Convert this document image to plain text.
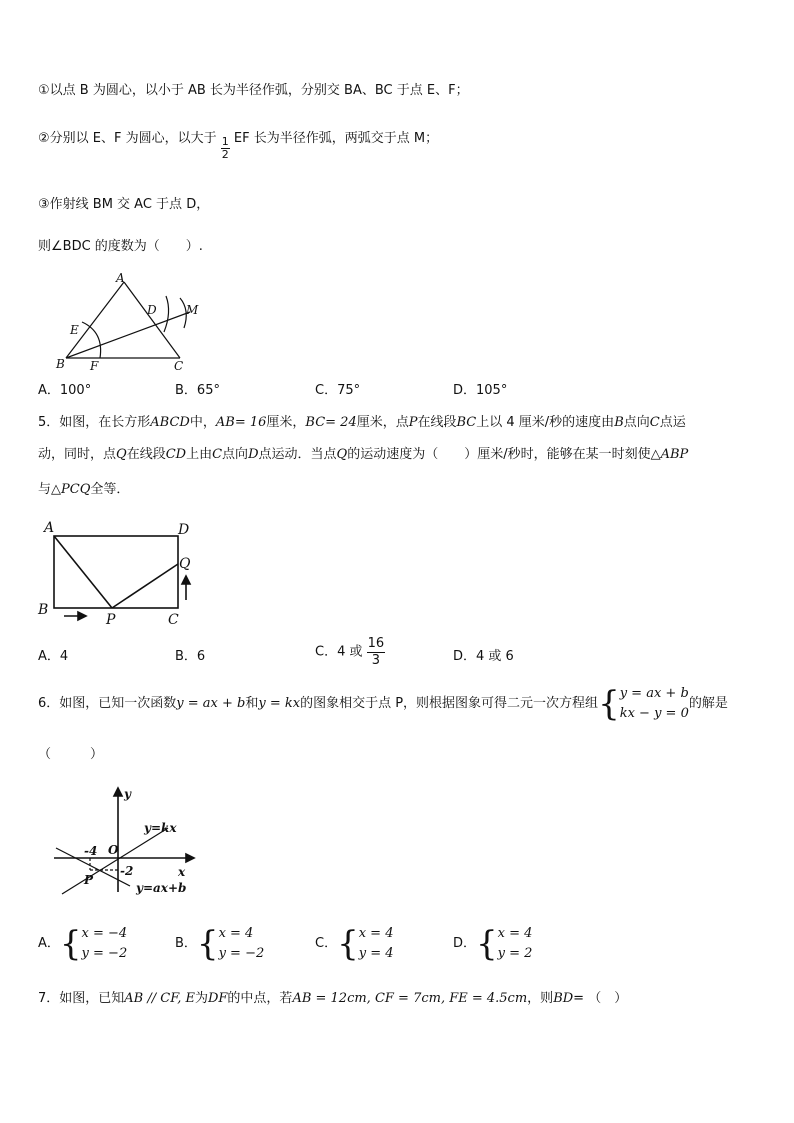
①以点 B 为圆心，以小于 AB 长为半径作弧，分别交 BA、BC 于点 E、F；
②分别以 E、F 为圆心，以大于 $\frac{1}{2}$ EF 长为半径作弧，两弧交于点 M；
③作射线 BM 交 AC 于点 D，
则∠BDC 的度数为（　　）.
A
B	C
D
E
F
M
A．100°	B．65°	C．75°	D．105°
5．如图，在长方形ABCD中，AB= 16厘米，BC= 24厘米，点P在线段BC上以 4 厘米/秒的速度由B点向C点运
动，同时，点Q在线段CD上由C点向D点运动．当点Q的运动速度为（　　）厘米/秒时，能够在某一时刻使△ABP
与△PCQ全等．
A	D
B
P	C
Q
A．4	B．6	C．4 或 $\frac{16}{3}$	D．4 或 6
6．如图，已知一次函数y = ax + b和y = kx的图象相交于点 P，则根据图象可得二元一次方程组{ y = ax + b
kx − y = 0
的解是
（　　　）
y
x
O
-4
-2
P
y=kx
y=ax+b
A．{ x = −4
y = −2
B．{ x = 4
y = −2
C．{ x = 4
y = 4
D．{ x = 4
y = 2
7．如图，已知AB // CF, E为DF的中点，若AB = 12cm, CF = 7cm, FE = 4.5cm，则BD= （　）
